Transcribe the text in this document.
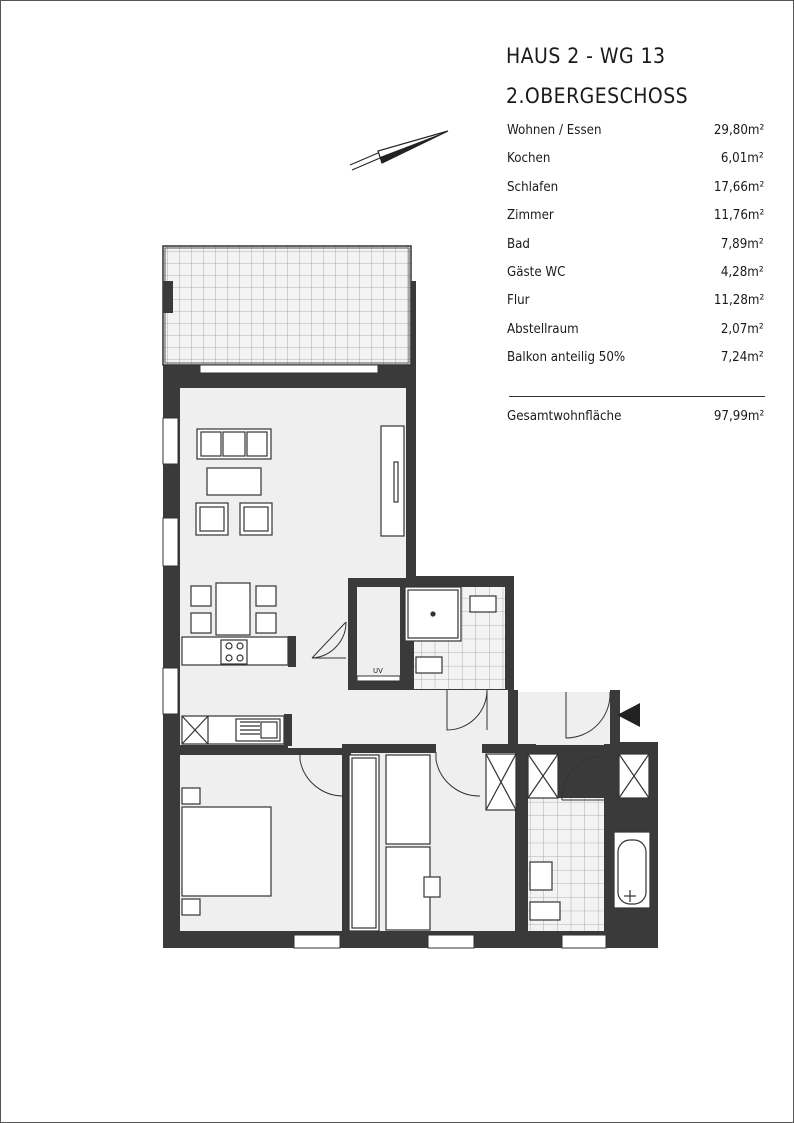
HAUS 2 - WG 13
2.OBERGESCHOSS
Wohnen / Essen	29,80m²
Kochen	6,01m²
Schlafen	17,66m²
Zimmer	11,76m²
Bad	7,89m²
Gäste WC	4,28m²
Flur	11,28m²
Abstellraum	2,07m²
Balkon anteilig 50%	7,24m²
Gesamtwohnfläche	97,99m²
UV
